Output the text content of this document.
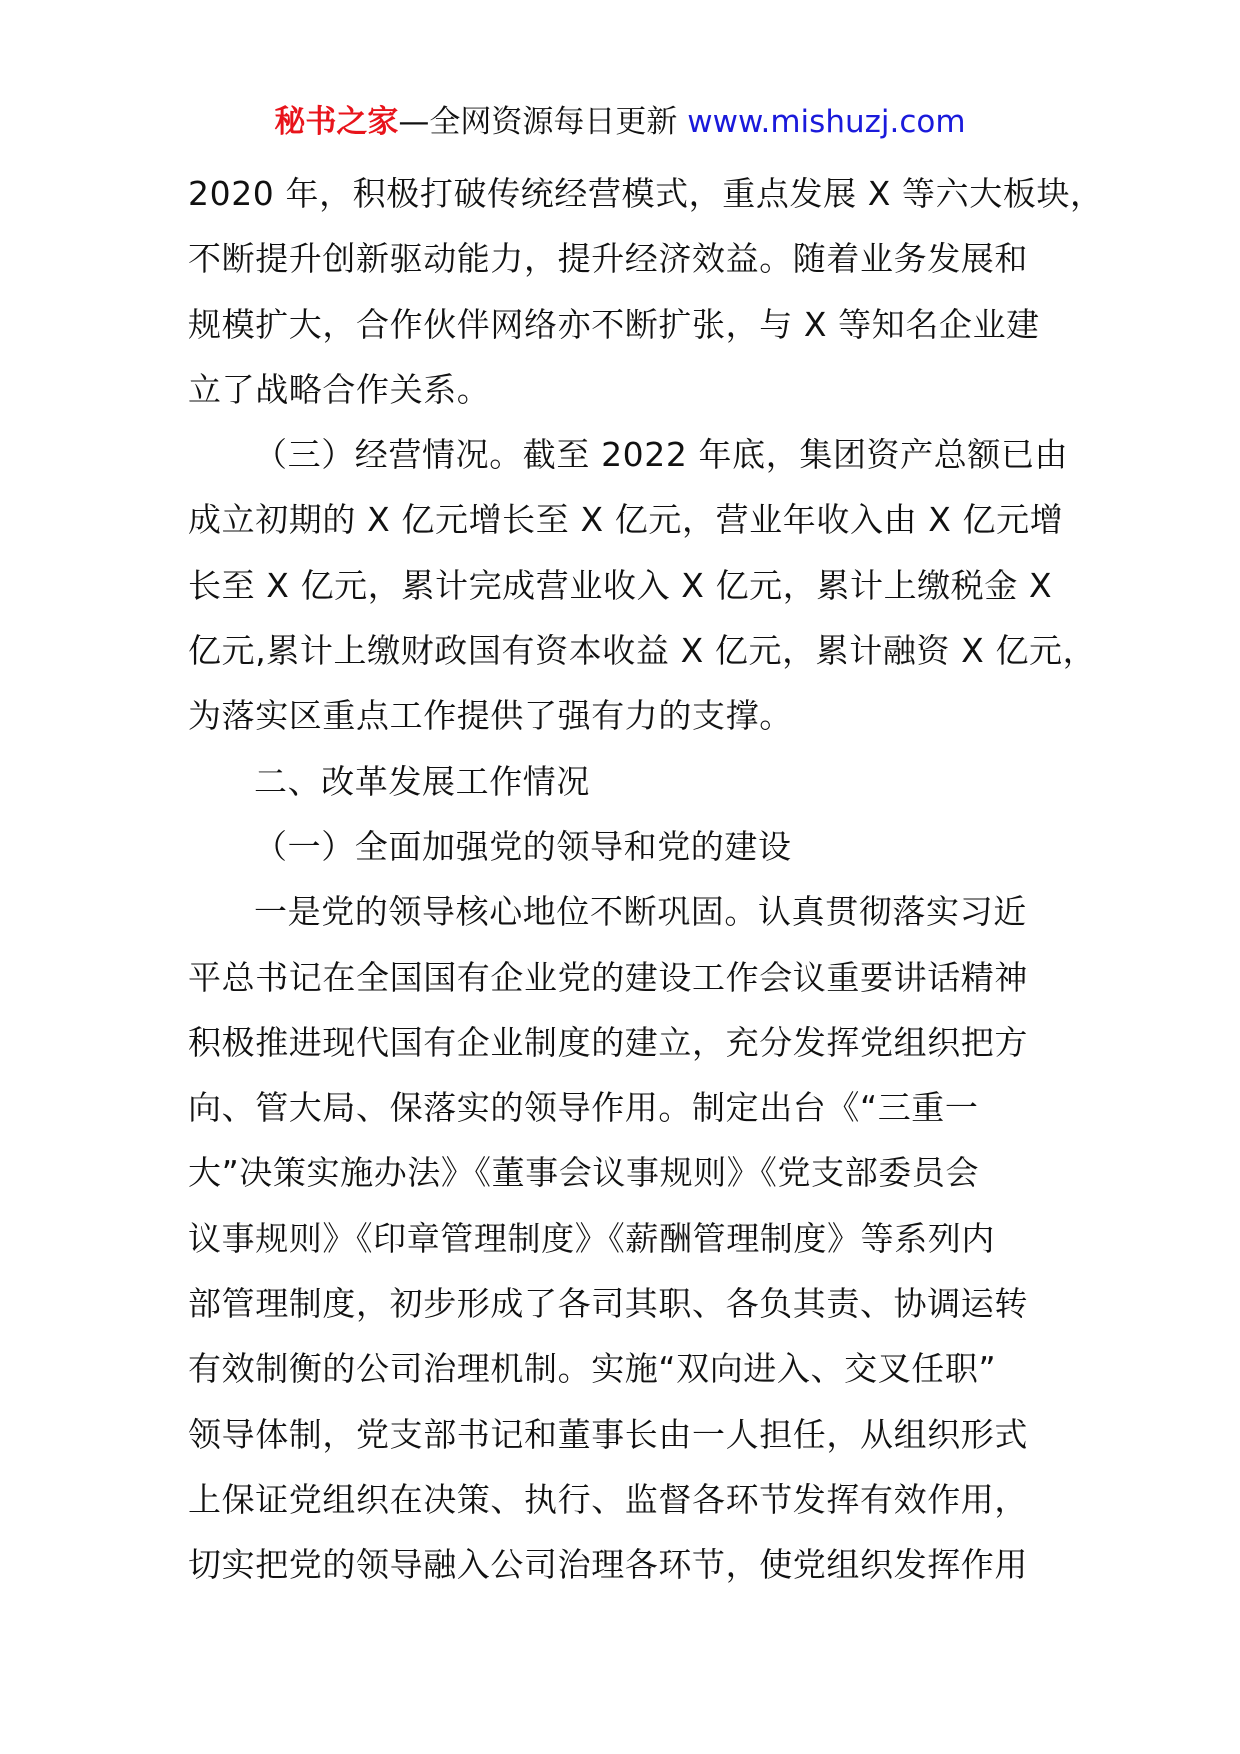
秘书之家—全网资源每日更新 www.mishuzj.com
2020 年，积极打破传统经营模式，重点发展 X 等六大板块，
不断提升创新驱动能力，提升经济效益。随着业务发展和
规模扩大，合作伙伴网络亦不断扩张，与 X 等知名企业建
立了战略合作关系。
（三）经营情况。截至 2022 年底，集团资产总额已由
成立初期的 X 亿元增长至 X 亿元，营业年收入由 X 亿元增
长至 X 亿元，累计完成营业收入 X 亿元，累计上缴税金 X
亿元,累计上缴财政国有资本收益 X 亿元，累计融资 X 亿元，
为落实区重点工作提供了强有力的支撑。
二、改革发展工作情况
（一）全面加强党的领导和党的建设
一是党的领导核心地位不断巩固。认真贯彻落实习近
平总书记在全国国有企业党的建设工作会议重要讲话精神
积极推进现代国有企业制度的建立，充分发挥党组织把方
向、管大局、保落实的领导作用。制定出台《“三重一
大”决策实施办法》《董事会议事规则》《党支部委员会
议事规则》《印章管理制度》《薪酬管理制度》等系列内
部管理制度，初步形成了各司其职、各负其责、协调运转
有效制衡的公司治理机制。实施“双向进入、交叉任职”
领导体制，党支部书记和董事长由一人担任，从组织形式
上保证党组织在决策、执行、监督各环节发挥有效作用，
切实把党的领导融入公司治理各环节，使党组织发挥作用
